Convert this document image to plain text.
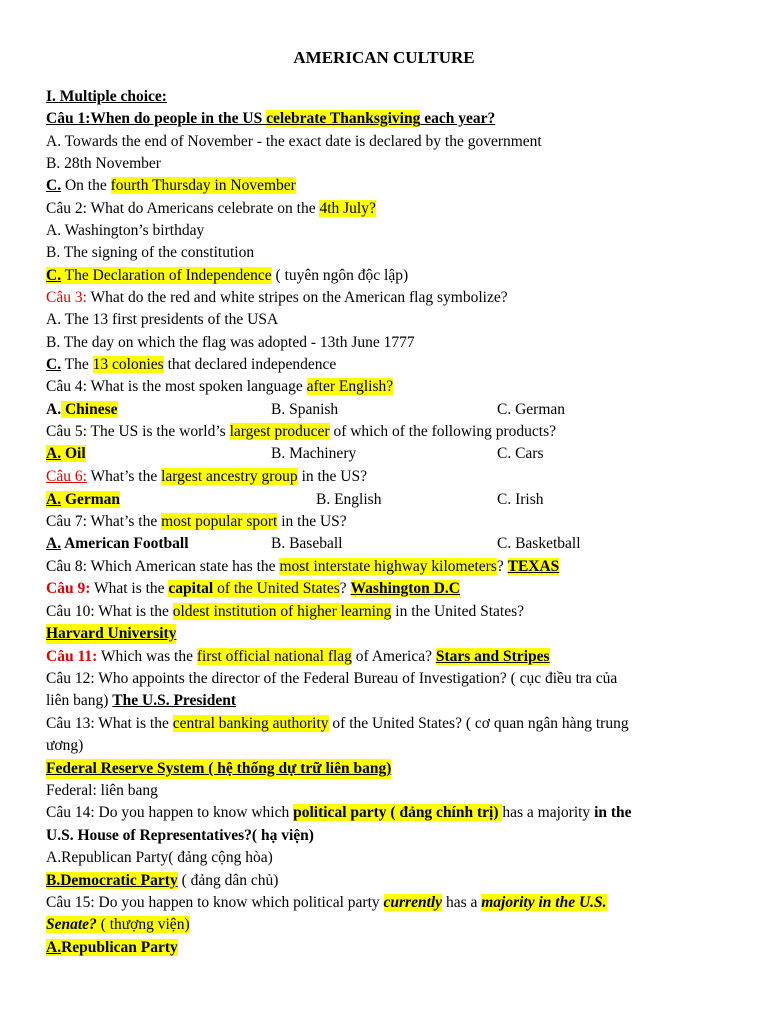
AMERICAN CULTURE
I. Multiple choice:
Câu 1:When do people in the US celebrate Thanksgiving each year?
A. Towards the end of November - the exact date is declared by the government
B. 28th November
C. On the fourth Thursday in November
Câu 2: What do Americans celebrate on the 4th July?
A. Washington’s birthday
B. The signing of the constitution
C. The Declaration of Independence ( tuyên ngôn độc lập)
Câu 3: What do the red and white stripes on the American flag symbolize?
A. The 13 first presidents of the USA
B. The day on which the flag was adopted - 13th June 1777
C. The 13 colonies that declared independence
Câu 4: What is the most spoken language after English?
A. Chinese	B. Spanish	C. German
Câu 5: The US is the world’s largest producer of which of the following products?
A. Oil	B. Machinery	C. Cars
Câu 6: What’s the largest ancestry group in the US?
A. German	B. English	C. Irish
Câu 7: What’s the most popular sport in the US?
A. American Football	B. Baseball	C. Basketball
Câu 8: Which American state has the most interstate highway kilometers? TEXAS
Câu 9: What is the capital of the United States? Washington D.C
Câu 10: What is the oldest institution of higher learning in the United States?
Harvard University
Câu 11: Which was the first official national flag of America? Stars and Stripes
Câu 12: Who appoints the director of the Federal Bureau of Investigation? ( cục điều tra của
liên bang) The U.S. President
Câu 13: What is the central banking authority of the United States? ( cơ quan ngân hàng trung
ương)
Federal Reserve System ( hệ thống dự trữ liên bang)
Federal: liên bang
Câu 14: Do you happen to know which political party ( đảng chính trị) has a majority in the
U.S. House of Representatives?( hạ viện)
A.Republican Party( đảng cộng hòa)
B.Democratic Party ( đảng dân chủ)
Câu 15: Do you happen to know which political party currently has a majority in the U.S.
Senate? ( thượng viện)
A.Republican Party
